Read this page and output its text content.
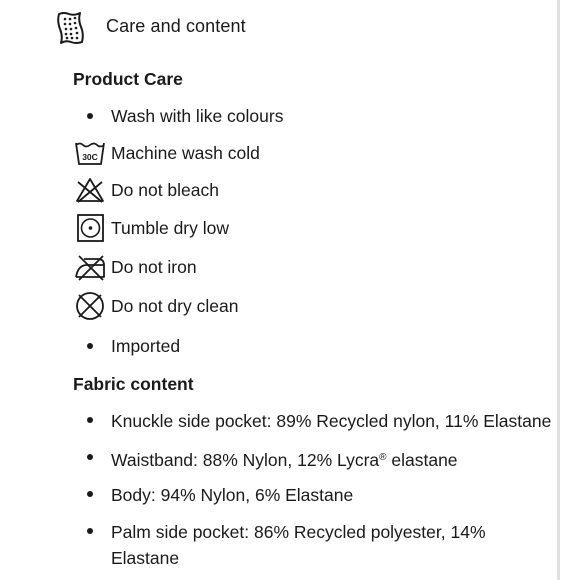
Care and content
Product Care
Wash with like colours
30C Machine wash cold
Do not bleach
Tumble dry low
Do not iron
Do not dry clean
Imported
Fabric content
Knuckle side pocket: 89% Recycled nylon, 11% Elastane
Waistband: 88% Nylon, 12% Lycra® elastane
Body: 94% Nylon, 6% Elastane
Palm side pocket: 86% Recycled polyester, 14% Elastane
